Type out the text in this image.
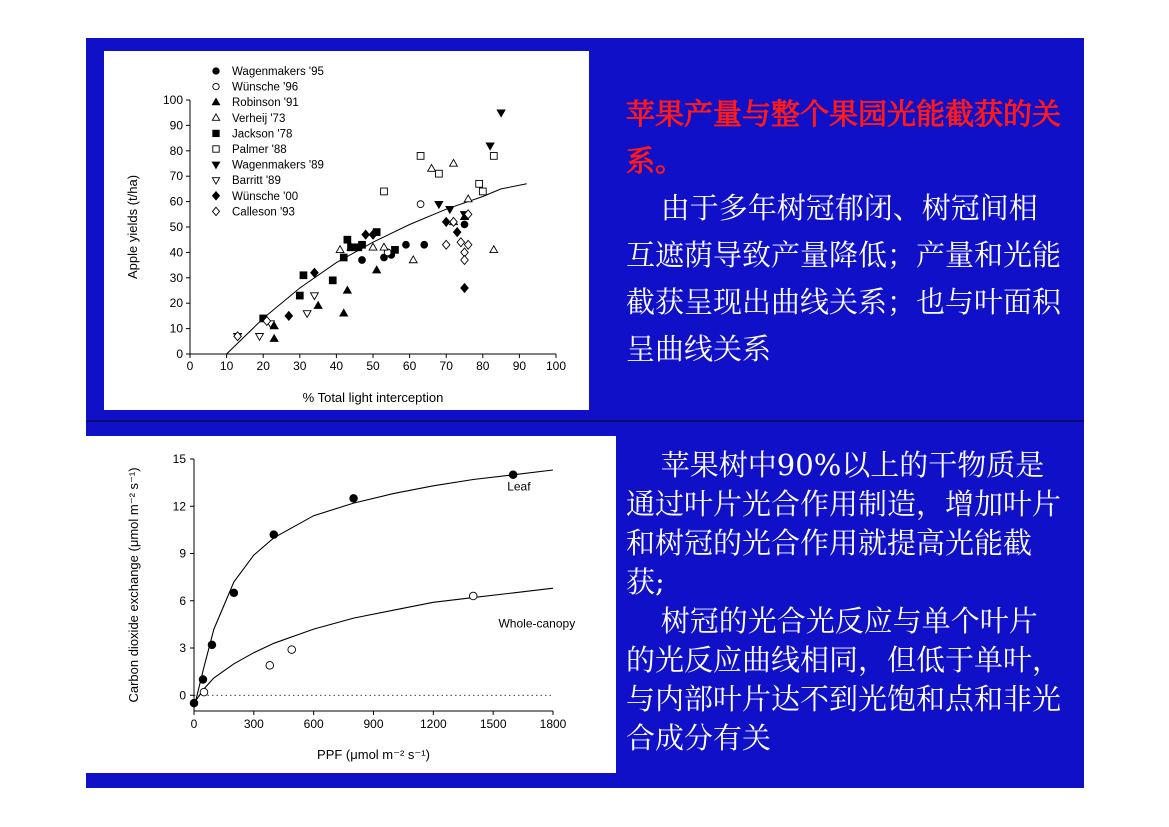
0 10 20 30 40 50 60 70 80 90 100
0
10
20
30
40
50
60
70
80
90
100
% Total light interception
Apple yields (t/ha)
Wagenmakers '95
Wünsche '96
Robinson '91
Verheij '73
Jackson '78
Palmer '88
Wagenmakers '89
Barritt '89
Wünsche '00
Calleson '93
0	300	600	900	1200	1500	1800
0
3
6
9
12
15
PPF (μmol m⁻² s⁻¹)
Carbon dioxide exchange (μmol m⁻² s⁻¹)	Leaf
Whole-canopy
苹果产量与整个果园光能截获的关系。
由于多年树冠郁闭、树冠间相互遮荫导致产量降低；产量和光能截获呈现出曲线关系；也与叶面积呈曲线关系
苹果树中90%以上的干物质是通过叶片光合作用制造，增加叶片和树冠的光合作用就提高光能截获;
树冠的光合光反应与单个叶片的光反应曲线相同，但低于单叶，与内部叶片达不到光饱和点和非光合成分有关
